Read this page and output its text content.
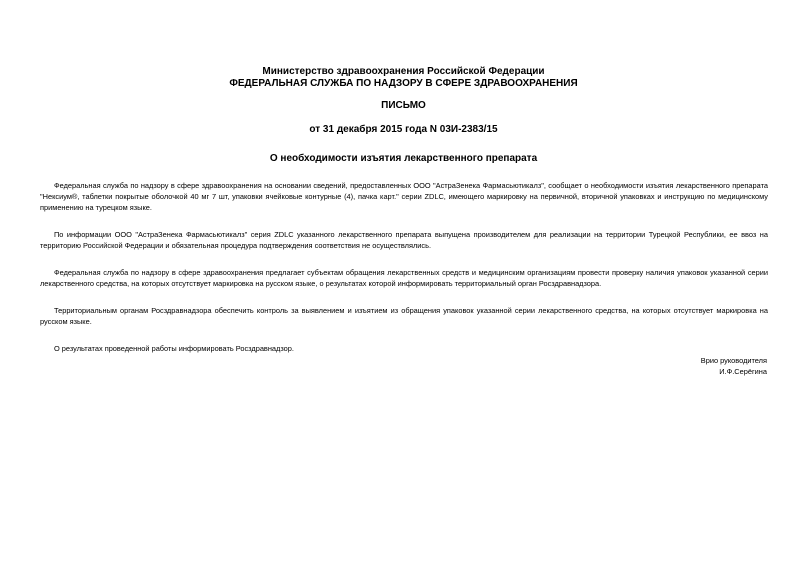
Министерство здравоохранения Российской Федерации
ФЕДЕРАЛЬНАЯ СЛУЖБА ПО НАДЗОРУ В СФЕРЕ ЗДРАВООХРАНЕНИЯ
ПИСЬМО
от 31 декабря 2015 года N 03И-2383/15
О необходимости изъятия лекарственного препарата

Федеральная служба по надзору в сфере здравоохранения на основании сведений, предоставленных ООО "АстраЗенека Фармасьютикалз", сообщает о необходимости изъятия лекарственного препарата "Нексиум®, таблетки покрытые оболочкой 40 мг 7 шт, упаковки ячейковые контурные (4), пачка карт." серии ZDLC, имеющего маркировку на первичной, вторичной упаковках и инструкцию по медицинскому применению на турецком языке.

По информации ООО "АстраЗенека Фармасьютикалз" серия ZDLC указанного лекарственного препарата выпущена производителем для реализации на территории Турецкой Республики, ее ввоз на территорию Российской Федерации и обязательная процедура подтверждения соответствия не осуществлялись.

Федеральная служба по надзору в сфере здравоохранения предлагает субъектам обращения лекарственных средств и медицинским организациям провести проверку наличия упаковок указанной серии лекарственного средства, на которых отсутствует маркировка на русском языке, о результатах которой информировать территориальный орган Росздравнадзора.

Территориальным органам Росздравнадзора обеспечить контроль за выявлением и изъятием из обращения упаковок указанной серии лекарственного средства, на которых отсутствует маркировка на русском языке.

О результатах проведенной работы информировать Росздравнадзор.

Врио руководителя
И.Ф.Серёгина
